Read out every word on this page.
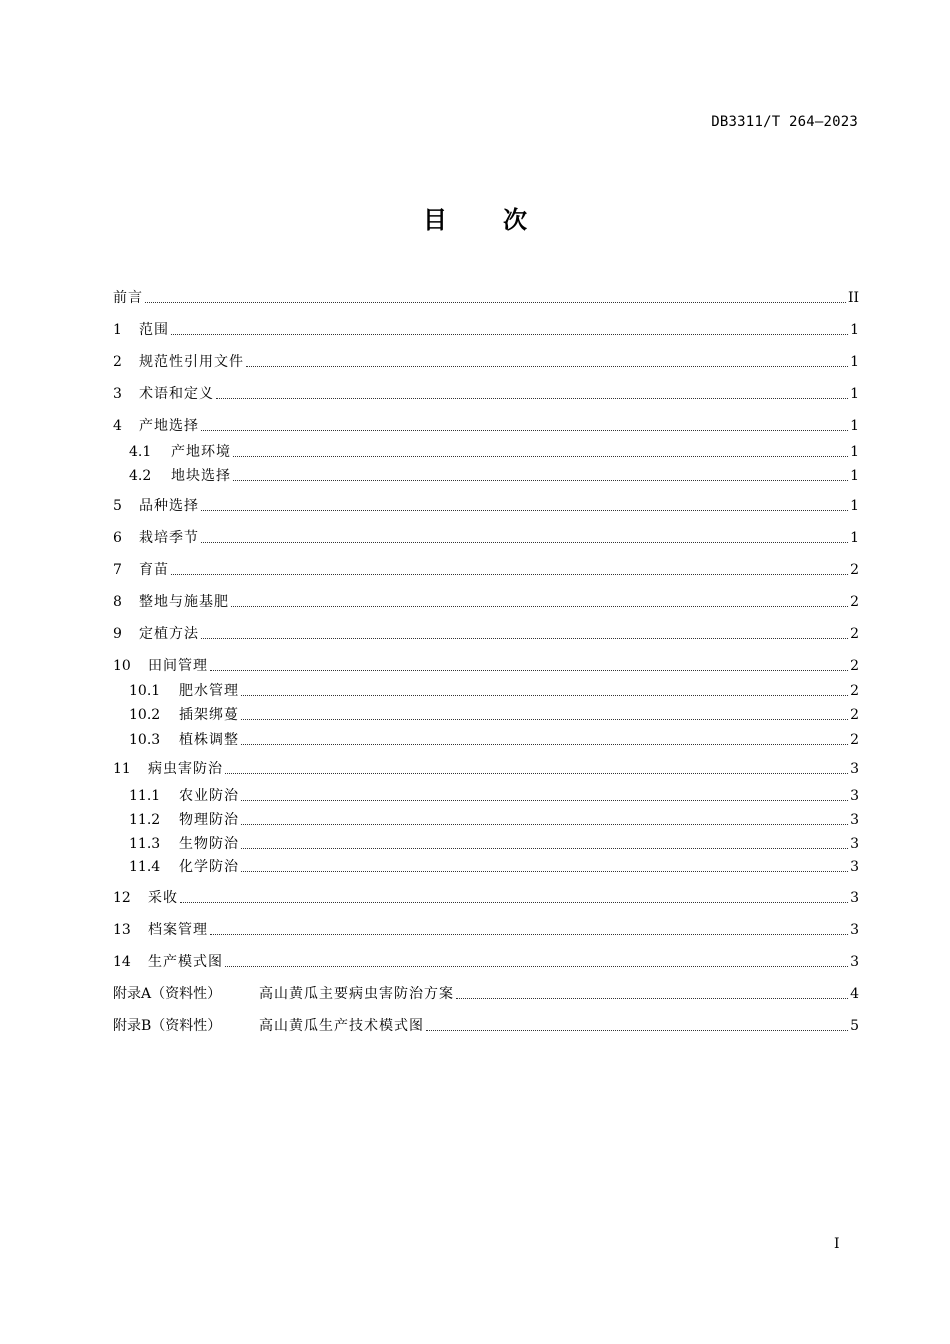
DB3311/T 264—2023
目 次
前言	II
1	范围	1
2	规范性引用文件	1
3	术语和定义	1
4	产地选择	1
4.1	产地环境	1
4.2	地块选择	1
5	品种选择	1
6	栽培季节	1
7	育苗	2
8	整地与施基肥	2
9	定植方法	2
10	田间管理	2
10.1	肥水管理	2
10.2	插架绑蔓	2
10.3	植株调整	2
11	病虫害防治	3
11.1	农业防治	3
11.2	物理防治	3
11.3	生物防治	3
11.4	化学防治	3
12	采收	3
13	档案管理	3
14	生产模式图	3
附录A（资料性）	高山黄瓜主要病虫害防治方案	4
附录B（资料性）	高山黄瓜生产技术模式图	5
I
